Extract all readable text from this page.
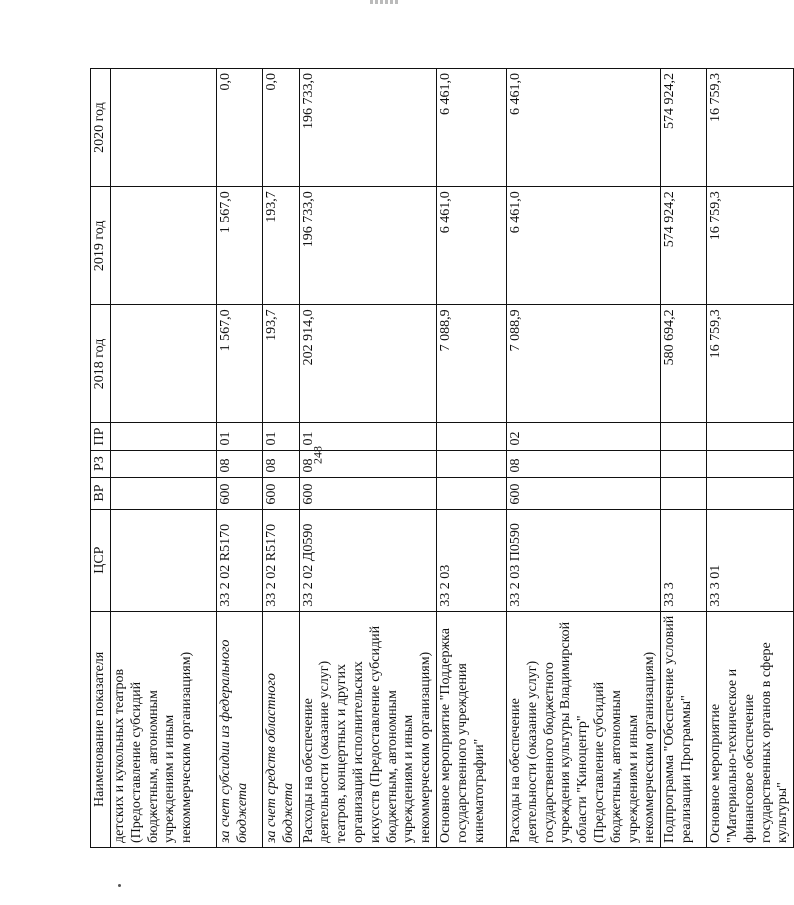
248
Наименование показателя	ЦСР	ВР	РЗ	ПР	2018 год	2019 год	2020 год
детских и кукольных театров (Предоставление субсидий бюджетным, автономным учреждениям и иным некоммерческим организациям)							
за счет субсидии из федерального бюджета	33 2 02 R5170	600	08	01	1 567,0	1 567,0	0,0
за счет средств областного бюджета	33 2 02 R5170	600	08	01	193,7	193,7	0,0
Расходы на обеспечение деятельности (оказание услуг) театров, концертных и других организаций исполнительских искусств (Предоставление субсидий бюджетным, автономным учреждениям и иным некоммерческим организациям)	33 2 02 Д0590	600	08	01	202 914,0	196 733,0	196 733,0
Основное мероприятие "Поддержка государственного учреждения кинематографии"	33 2 03				7 088,9	6 461,0	6 461,0
Расходы на обеспечение деятельности (оказание услуг) государственного бюджетного учреждения культуры Владимирской области "Киноцентр" (Предоставление субсидий бюджетным, автономным учреждениям и иным некоммерческим организациям)	33 2 03 П0590	600	08	02	7 088,9	6 461,0	6 461,0
Подпрограмма "Обеспечение условий реализации Программы"	33 3				580 694,2	574 924,2	574 924,2
Основное мероприятие "Материально-техническое и финансовое обеспечение государственных органов в сфере культуры"	33 3 01				16 759,3	16 759,3	16 759,3
